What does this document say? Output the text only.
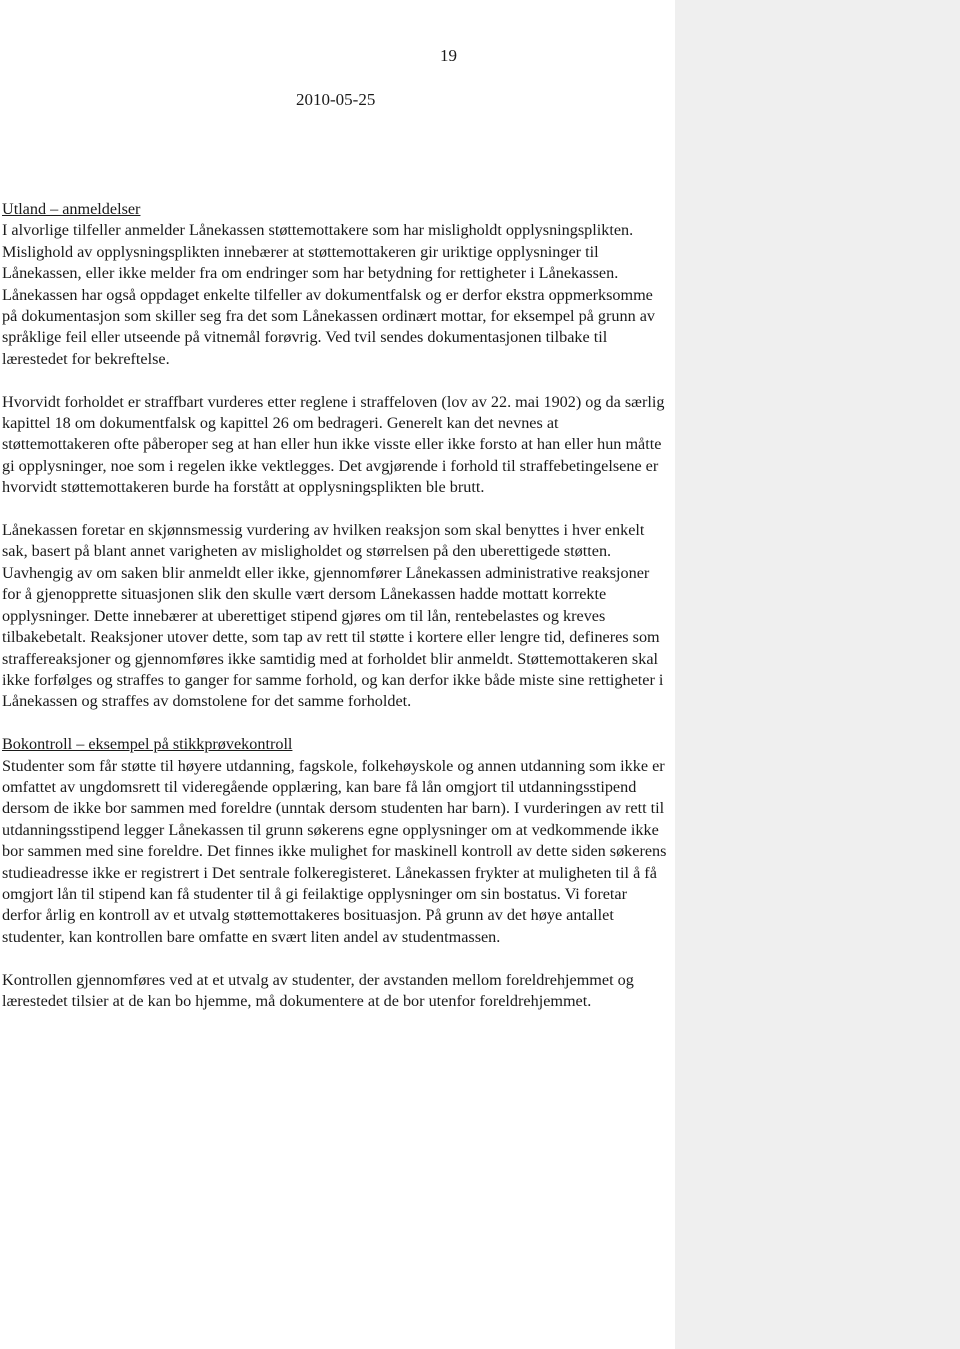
19
2010-05-25

Utland – anmeldelser

I alvorlige tilfeller anmelder Lånekassen støttemottakere som har misligholdt opplysningsplikten. Mislighold av opplysningsplikten innebærer at støttemottakeren gir uriktige opplysninger til Lånekassen, eller ikke melder fra om endringer som har betydning for rettigheter i Lånekassen. Lånekassen har også oppdaget enkelte tilfeller av dokumentfalsk og er derfor ekstra oppmerksomme på dokumentasjon som skiller seg fra det som Lånekassen ordinært mottar, for eksempel på grunn av språklige feil eller utseende på vitnemål forøvrig. Ved tvil sendes dokumentasjonen tilbake til lærestedet for bekreftelse.

Hvorvidt forholdet er straffbart vurderes etter reglene i straffeloven (lov av 22. mai 1902) og da særlig kapittel 18 om dokumentfalsk og kapittel 26 om bedrageri. Generelt kan det nevnes at støttemottakeren ofte påberoper seg at han eller hun ikke visste eller ikke forsto at han eller hun måtte gi opplysninger, noe som i regelen ikke vektlegges. Det avgjørende i forhold til straffebetingelsene er hvorvidt støttemottakeren burde ha forstått at opplysningsplikten ble brutt.

Lånekassen foretar en skjønnsmessig vurdering av hvilken reaksjon som skal benyttes i hver enkelt sak, basert på blant annet varigheten av misligholdet og størrelsen på den uberettigede støtten.

Uavhengig av om saken blir anmeldt eller ikke, gjennomfører Lånekassen administrative reaksjoner for å gjenopprette situasjonen slik den skulle vært dersom Lånekassen hadde mottatt korrekte opplysninger. Dette innebærer at uberettiget stipend gjøres om til lån, rentebelastes og kreves tilbakebetalt. Reaksjoner utover dette, som tap av rett til støtte i kortere eller lengre tid, defineres som straffereaksjoner og gjennomføres ikke samtidig med at forholdet blir anmeldt. Støttemottakeren skal ikke forfølges og straffes to ganger for samme forhold, og kan derfor ikke både miste sine rettigheter i Lånekassen og straffes av domstolene for det samme forholdet.

Bokontroll – eksempel på stikkprøvekontroll

Studenter som får støtte til høyere utdanning, fagskole, folkehøyskole og annen utdanning som ikke er omfattet av ungdomsrett til videregående opplæring, kan bare få lån omgjort til utdanningsstipend dersom de ikke bor sammen med foreldre (unntak dersom studenten har barn). I vurderingen av rett til utdanningsstipend legger Lånekassen til grunn søkerens egne opplysninger om at vedkommende ikke bor sammen med sine foreldre. Det finnes ikke mulighet for maskinell kontroll av dette siden søkerens studieadresse ikke er registrert i Det sentrale folkeregisteret. Lånekassen frykter at muligheten til å få omgjort lån til stipend kan få studenter til å gi feilaktige opplysninger om sin bostatus. Vi foretar derfor årlig en kontroll av et utvalg støttemottakeres bosituasjon. På grunn av det høye antallet studenter, kan kontrollen bare omfatte en svært liten andel av studentmassen.

Kontrollen gjennomføres ved at et utvalg av studenter, der avstanden mellom foreldrehjemmet og lærestedet tilsier at de kan bo hjemme, må dokumentere at de bor utenfor foreldrehjemmet.
